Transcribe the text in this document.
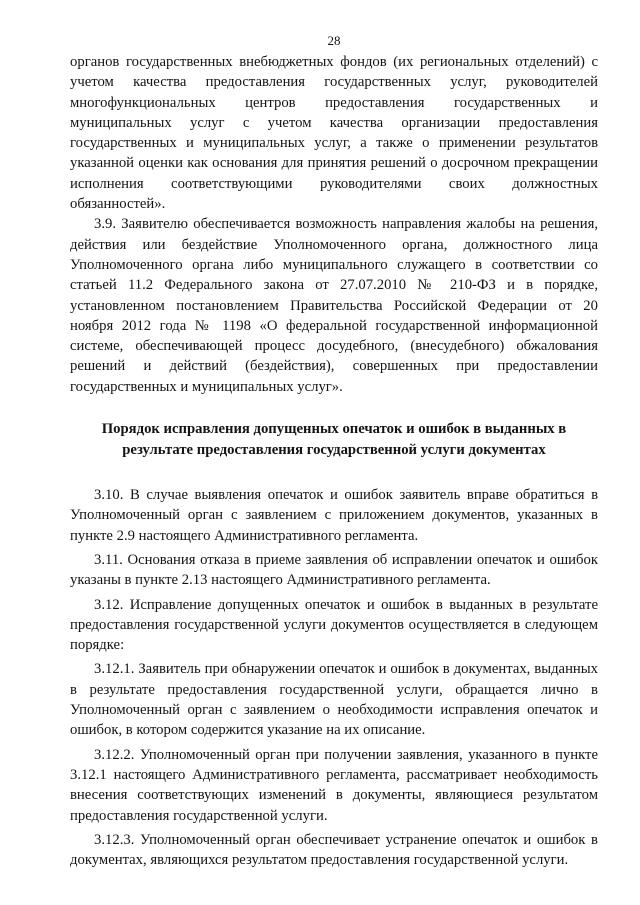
28

органов государственных внебюджетных фондов (их региональных отделений) с учетом качества предоставления государственных услуг, руководителей многофункциональных центров предоставления государственных и муниципальных услуг с учетом качества организации предоставления государственных и муниципальных услуг, а также о применении результатов указанной оценки как основания для принятия решений о досрочном прекращении исполнения соответствующими руководителями своих должностных обязанностей».

3.9. Заявителю обеспечивается возможность направления жалобы на решения, действия или бездействие Уполномоченного органа, должностного лица Уполномоченного органа либо муниципального служащего в соответствии со статьей 11.2 Федерального закона от 27.07.2010 № 210-ФЗ и в порядке, установленном постановлением Правительства Российской Федерации от 20 ноября 2012 года № 1198 «О федеральной государственной информационной системе, обеспечивающей процесс досудебного, (внесудебного) обжалования решений и действий (бездействия), совершенных при предоставлении государственных и муниципальных услуг».

Порядок исправления допущенных опечаток и ошибок в выданных в результате предоставления государственной услуги документах

3.10. В случае выявления опечаток и ошибок заявитель вправе обратиться в Уполномоченный орган с заявлением с приложением документов, указанных в пункте 2.9 настоящего Административного регламента.

3.11. Основания отказа в приеме заявления об исправлении опечаток и ошибок указаны в пункте 2.13 настоящего Административного регламента.

3.12. Исправление допущенных опечаток и ошибок в выданных в результате предоставления государственной услуги документов осуществляется в следующем порядке:

3.12.1. Заявитель при обнаружении опечаток и ошибок в документах, выданных в результате предоставления государственной услуги, обращается лично в Уполномоченный орган с заявлением о необходимости исправления опечаток и ошибок, в котором содержится указание на их описание.

3.12.2. Уполномоченный орган при получении заявления, указанного в пункте 3.12.1 настоящего Административного регламента, рассматривает необходимость внесения соответствующих изменений в документы, являющиеся результатом предоставления государственной услуги.

3.12.3. Уполномоченный орган обеспечивает устранение опечаток и ошибок в документах, являющихся результатом предоставления государственной услуги.
